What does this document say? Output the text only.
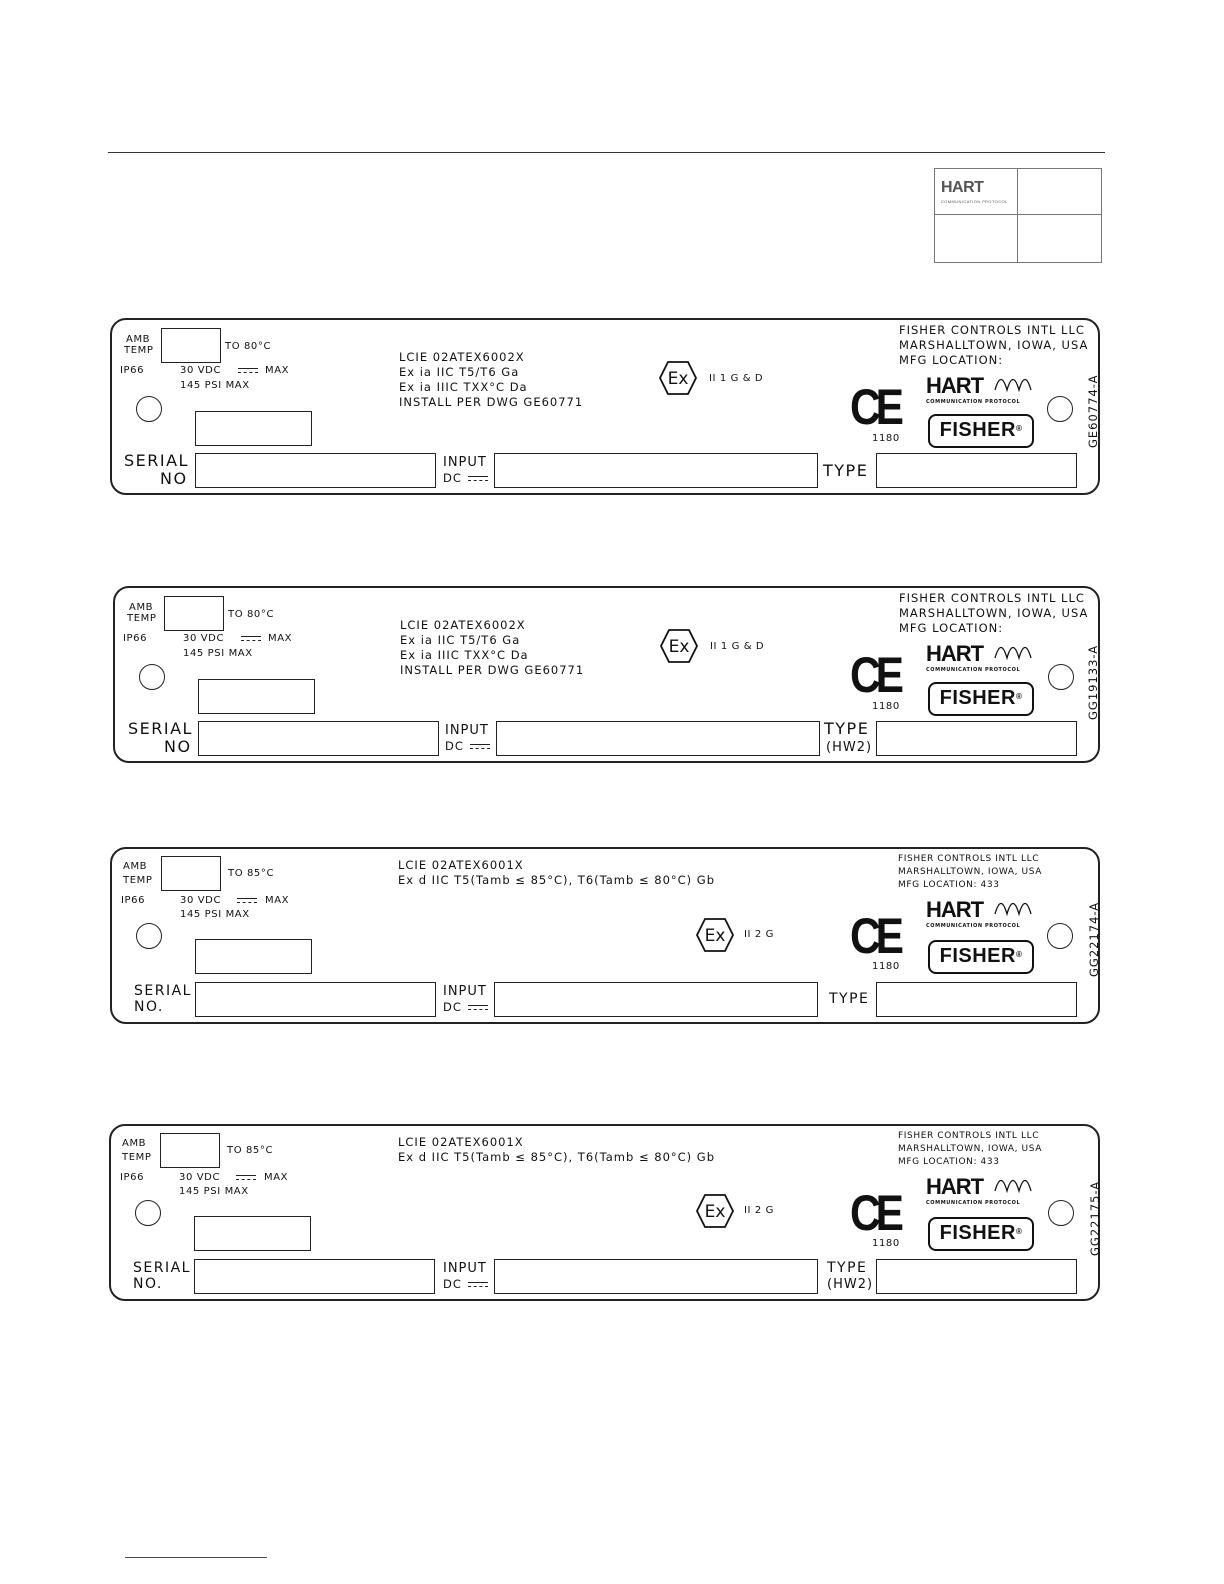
HART
COMMUNICATION PROTOCOL
AMB
TEMP	TO 80°C
IP66	30 VDC	MAX
145 PSI MAX
LCIE 02ATEX6002X
Ex ia IIC T5/T6 Ga
Ex ia IIIC TXX°C Da
INSTALL PER DWG GE60771
Ex II 1 G & D
FISHER CONTROLS INTL LLC
MARSHALLTOWN, IOWA, USA
MFG LOCATION:
CE
1180
HART
COMMUNICATION PROTOCOL
FISHER®	GE60774-A
SERIAL
NO
INPUT
DC	TYPE
AMB
TEMP	TO 80°C
IP66	30 VDC	MAX
145 PSI MAX
LCIE 02ATEX6002X
Ex ia IIC T5/T6 Ga
Ex ia IIIC TXX°C Da
INSTALL PER DWG GE60771
Ex II 1 G & D
FISHER CONTROLS INTL LLC
MARSHALLTOWN, IOWA, USA
MFG LOCATION:
CE
1180
HART
COMMUNICATION PROTOCOL
FISHER®	GG19133-A
SERIAL
NO
INPUT
DC
TYPE
(HW2)
AMB
TEMP
TO 85°C
IP66	30 VDC	MAX
145 PSI MAX
LCIE 02ATEX6001X
Ex d IIC T5(Tamb ≤ 85°C), T6(Tamb ≤ 80°C) Gb
Ex II 2 G
FISHER CONTROLS INTL LLC
MARSHALLTOWN, IOWA, USA
MFG LOCATION: 433
CE
1180
HART
COMMUNICATION PROTOCOL
FISHER®	GG22174-A
SERIAL
NO.
INPUT
DC	TYPE
AMB
TEMP
TO 85°C
IP66	30 VDC	MAX
145 PSI MAX
LCIE 02ATEX6001X
Ex d IIC T5(Tamb ≤ 85°C), T6(Tamb ≤ 80°C) Gb
Ex II 2 G
FISHER CONTROLS INTL LLC
MARSHALLTOWN, IOWA, USA
MFG LOCATION: 433
CE
1180
HART
COMMUNICATION PROTOCOL
FISHER®	GG22175-A
SERIAL
NO.
INPUT
DC
TYPE
(HW2)
